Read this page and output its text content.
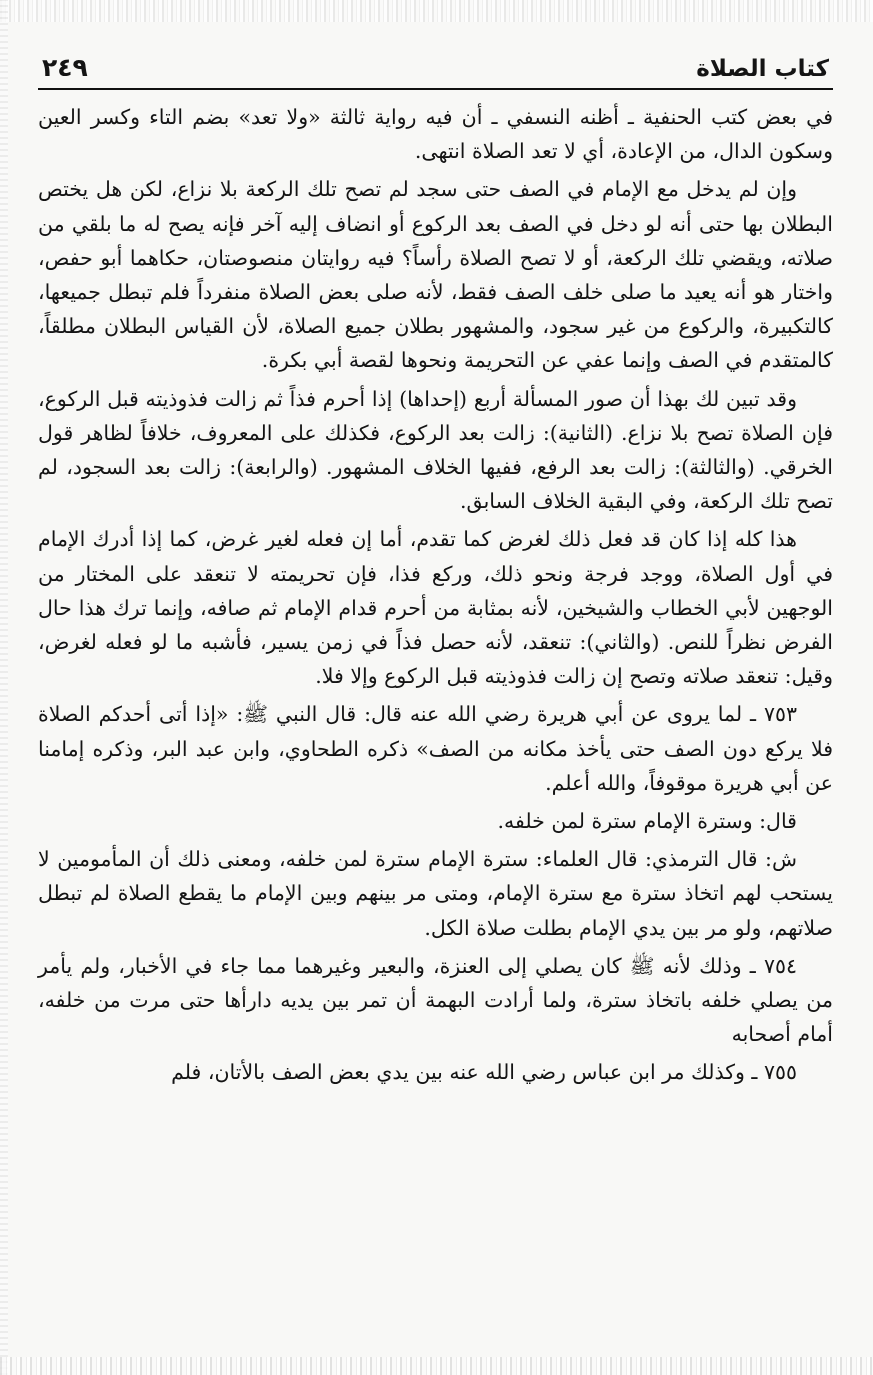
كتاب الصلاة
٢٤٩

في بعض كتب الحنفية ـ أظنه النسفي ـ أن فيه رواية ثالثة «ولا تعد» بضم التاء وكسر العين وسكون الدال، من الإعادة، أي لا تعد الصلاة انتهى.

وإن لم يدخل مع الإمام في الصف حتى سجد لم تصح تلك الركعة بلا نزاع، لكن هل يختص البطلان بها حتى أنه لو دخل في الصف بعد الركوع أو انضاف إليه آخر فإنه يصح له ما بلقي من صلاته، ويقضي تلك الركعة، أو لا تصح الصلاة رأساً؟ فيه روايتان منصوصتان، حكاهما أبو حفص، واختار هو أنه يعيد ما صلى خلف الصف فقط، لأنه صلى بعض الصلاة منفرداً فلم تبطل جميعها، كالتكبيرة، والركوع من غير سجود، والمشهور بطلان جميع الصلاة، لأن القياس البطلان مطلقاً، كالمتقدم في الصف وإنما عفي عن التحريمة ونحوها لقصة أبي بكرة.

وقد تبين لك بهذا أن صور المسألة أربع (إحداها) إذا أحرم فذاً ثم زالت فذوذيته قبل الركوع، فإن الصلاة تصح بلا نزاع. (الثانية): زالت بعد الركوع، فكذلك على المعروف، خلافاً لظاهر قول الخرقي. (والثالثة): زالت بعد الرفع، ففيها الخلاف المشهور. (والرابعة): زالت بعد السجود، لم تصح تلك الركعة، وفي البقية الخلاف السابق.

هذا كله إذا كان قد فعل ذلك لغرض كما تقدم، أما إن فعله لغير غرض، كما إذا أدرك الإمام في أول الصلاة، ووجد فرجة ونحو ذلك، وركع فذا، فإن تحريمته لا تنعقد على المختار من الوجهين لأبي الخطاب والشيخين، لأنه بمثابة من أحرم قدام الإمام ثم صافه، وإنما ترك هذا حال الفرض نظراً للنص. (والثاني): تنعقد، لأنه حصل فذاً في زمن يسير، فأشبه ما لو فعله لغرض، وقيل: تنعقد صلاته وتصح إن زالت فذوذيته قبل الركوع وإلا فلا.

٧٥٣ ـ لما يروى عن أبي هريرة رضي الله عنه قال: قال النبي ﷺ: «إذا أتى أحدكم الصلاة فلا يركع دون الصف حتى يأخذ مكانه من الصف» ذكره الطحاوي، وابن عبد البر، وذكره إمامنا عن أبي هريرة موقوفاً، والله أعلم.

قال: وسترة الإمام سترة لمن خلفه.

ش: قال الترمذي: قال العلماء: سترة الإمام سترة لمن خلفه، ومعنى ذلك أن المأمومين لا يستحب لهم اتخاذ سترة مع سترة الإمام، ومتى مر بينهم وبين الإمام ما يقطع الصلاة لم تبطل صلاتهم، ولو مر بين يدي الإمام بطلت صلاة الكل.

٧٥٤ ـ وذلك لأنه ﷺ كان يصلي إلى العنزة، والبعير وغيرهما مما جاء في الأخبار، ولم يأمر من يصلي خلفه باتخاذ سترة، ولما أرادت البهمة أن تمر بين يديه دارأها حتى مرت من خلفه، أمام أصحابه

٧٥٥ ـ وكذلك مر ابن عباس رضي الله عنه بين يدي بعض الصف بالأتان، فلم
